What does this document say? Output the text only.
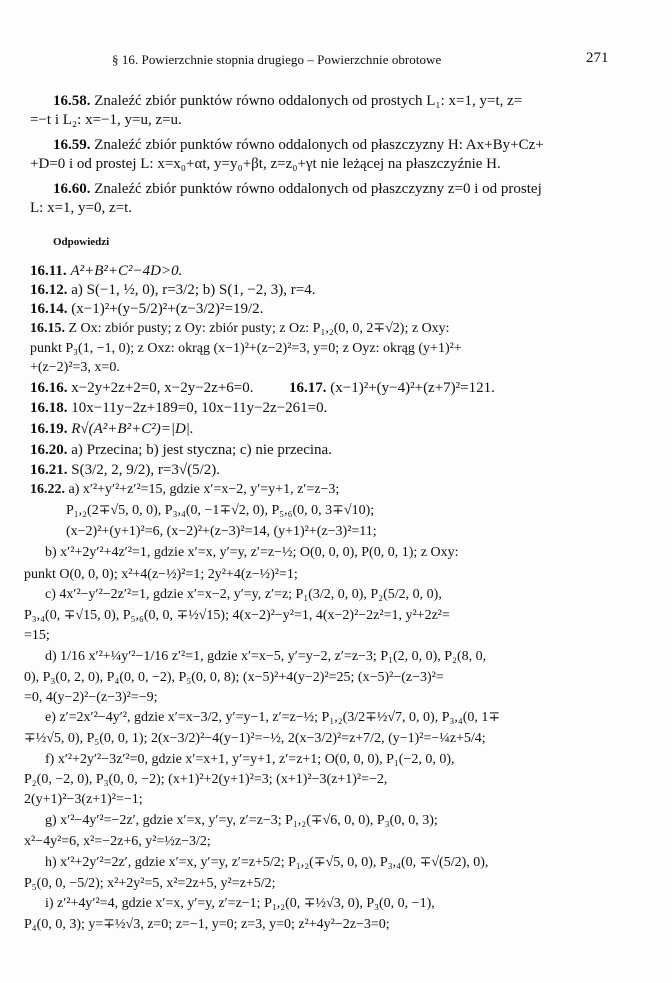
§ 16. Powierzchnie stopnia drugiego – Powierzchnie obrotowe	271
16.58. Znaleźć zbiór punktów równo oddalonych od prostych L₁: x=1, y=t, z=
=−t i L₂: x=−1, y=u, z=u.
16.59. Znaleźć zbiór punktów równo oddalonych od płaszczyzny H: Ax+By+Cz+
+D=0 i od prostej L: x=x₀+αt, y=y₀+βt, z=z₀+γt nie leżącej na płaszczyźnie H.
16.60. Znaleźć zbiór punktów równo oddalonych od płaszczyzny z=0 i od prostej
L: x=1, y=0, z=t.
Odpowiedzi
16.11. A²+B²+C²−4D>0.
16.12. a) S(−1, ½, 0), r=3/2; b) S(1, −2, 3), r=4.
16.14. (x−1)²+(y−5/2)²+(z−3/2)²=19/2.
16.15. Z Ox: zbiór pusty; z Oy: zbiór pusty; z Oz: P₁,₂(0, 0, 2∓√2); z Oxy:
punkt P₃(1, −1, 0); z Oxz: okrąg (x−1)²+(z−2)²=3, y=0; z Oyz: okrąg (y+1)²+
+(z−2)²=3, x=0.
16.16. x−2y+2z+2=0, x−2y−2z+6=0. 16.17. (x−1)²+(y−4)²+(z+7)²=121.
16.18. 10x−11y−2z+189=0, 10x−11y−2z−261=0.
16.19. R√(A²+B²+C²)=|D|.
16.20. a) Przecina; b) jest styczna; c) nie przecina.
16.21. S(3/2, 2, 9/2), r=3√(5/2).
16.22. a) x′²+y′²+z′²=15, gdzie x′=x−2, y′=y+1, z′=z−3;
P₁,₂(2∓√5, 0, 0), P₃,₄(0, −1∓√2, 0), P₅,₆(0, 0, 3∓√10);
(x−2)²+(y+1)²=6, (x−2)²+(z−3)²=14, (y+1)²+(z−3)²=11;
b) x′²+2y′²+4z′²=1, gdzie x′=x, y′=y, z′=z−½; O(0, 0, 0), P(0, 0, 1); z Oxy:
punkt O(0, 0, 0); x²+4(z−½)²=1; 2y²+4(z−½)²=1;
c) 4x′²−y′²−2z′²=1, gdzie x′=x−2, y′=y, z′=z; P₁(3/2, 0, 0), P₂(5/2, 0, 0),
P₃,₄(0, ∓√15, 0), P₅,₆(0, 0, ∓½√15); 4(x−2)²−y²=1, 4(x−2)²−2z²=1, y²+2z²=
=15;
d) 1/16 x′²+¼y′²−1/16 z′²=1, gdzie x′=x−5, y′=y−2, z′=z−3; P₁(2, 0, 0), P₂(8, 0,
0), P₃(0, 2, 0), P₄(0, 0, −2), P₅(0, 0, 8); (x−5)²+4(y−2)²=25; (x−5)²−(z−3)²=
=0, 4(y−2)²−(z−3)²=−9;
e) z′=2x′²−4y′², gdzie x′=x−3/2, y′=y−1, z′=z−½; P₁,₂(3/2∓½√7, 0, 0), P₃,₄(0, 1∓
∓½√5, 0), P₅(0, 0, 1); 2(x−3/2)²−4(y−1)²=−½, 2(x−3/2)²=z+7/2, (y−1)²=−¼z+5/4;
f) x′²+2y′²−3z′²=0, gdzie x′=x+1, y′=y+1, z′=z+1; O(0, 0, 0), P₁(−2, 0, 0),
P₂(0, −2, 0), P₃(0, 0, −2); (x+1)²+2(y+1)²=3; (x+1)²−3(z+1)²=−2,
2(y+1)²−3(z+1)²=−1;
g) x′²−4y′²=−2z′, gdzie x′=x, y′=y, z′=z−3; P₁,₂(∓√6, 0, 0), P₃(0, 0, 3);
x²−4y²=6, x²=−2z+6, y²=½z−3/2;
h) x′²+2y′²=2z′, gdzie x′=x, y′=y, z′=z+5/2; P₁,₂(∓√5, 0, 0), P₃,₄(0, ∓√(5/2), 0),
P₅(0, 0, −5/2); x²+2y²=5, x²=2z+5, y²=z+5/2;
i) z′²+4y′²=4, gdzie x′=x, y′=y, z′=z−1; P₁,₂(0, ∓½√3, 0), P₃(0, 0, −1),
P₄(0, 0, 3); y=∓½√3, z=0; z=−1, y=0; z=3, y=0; z²+4y²−2z−3=0;
